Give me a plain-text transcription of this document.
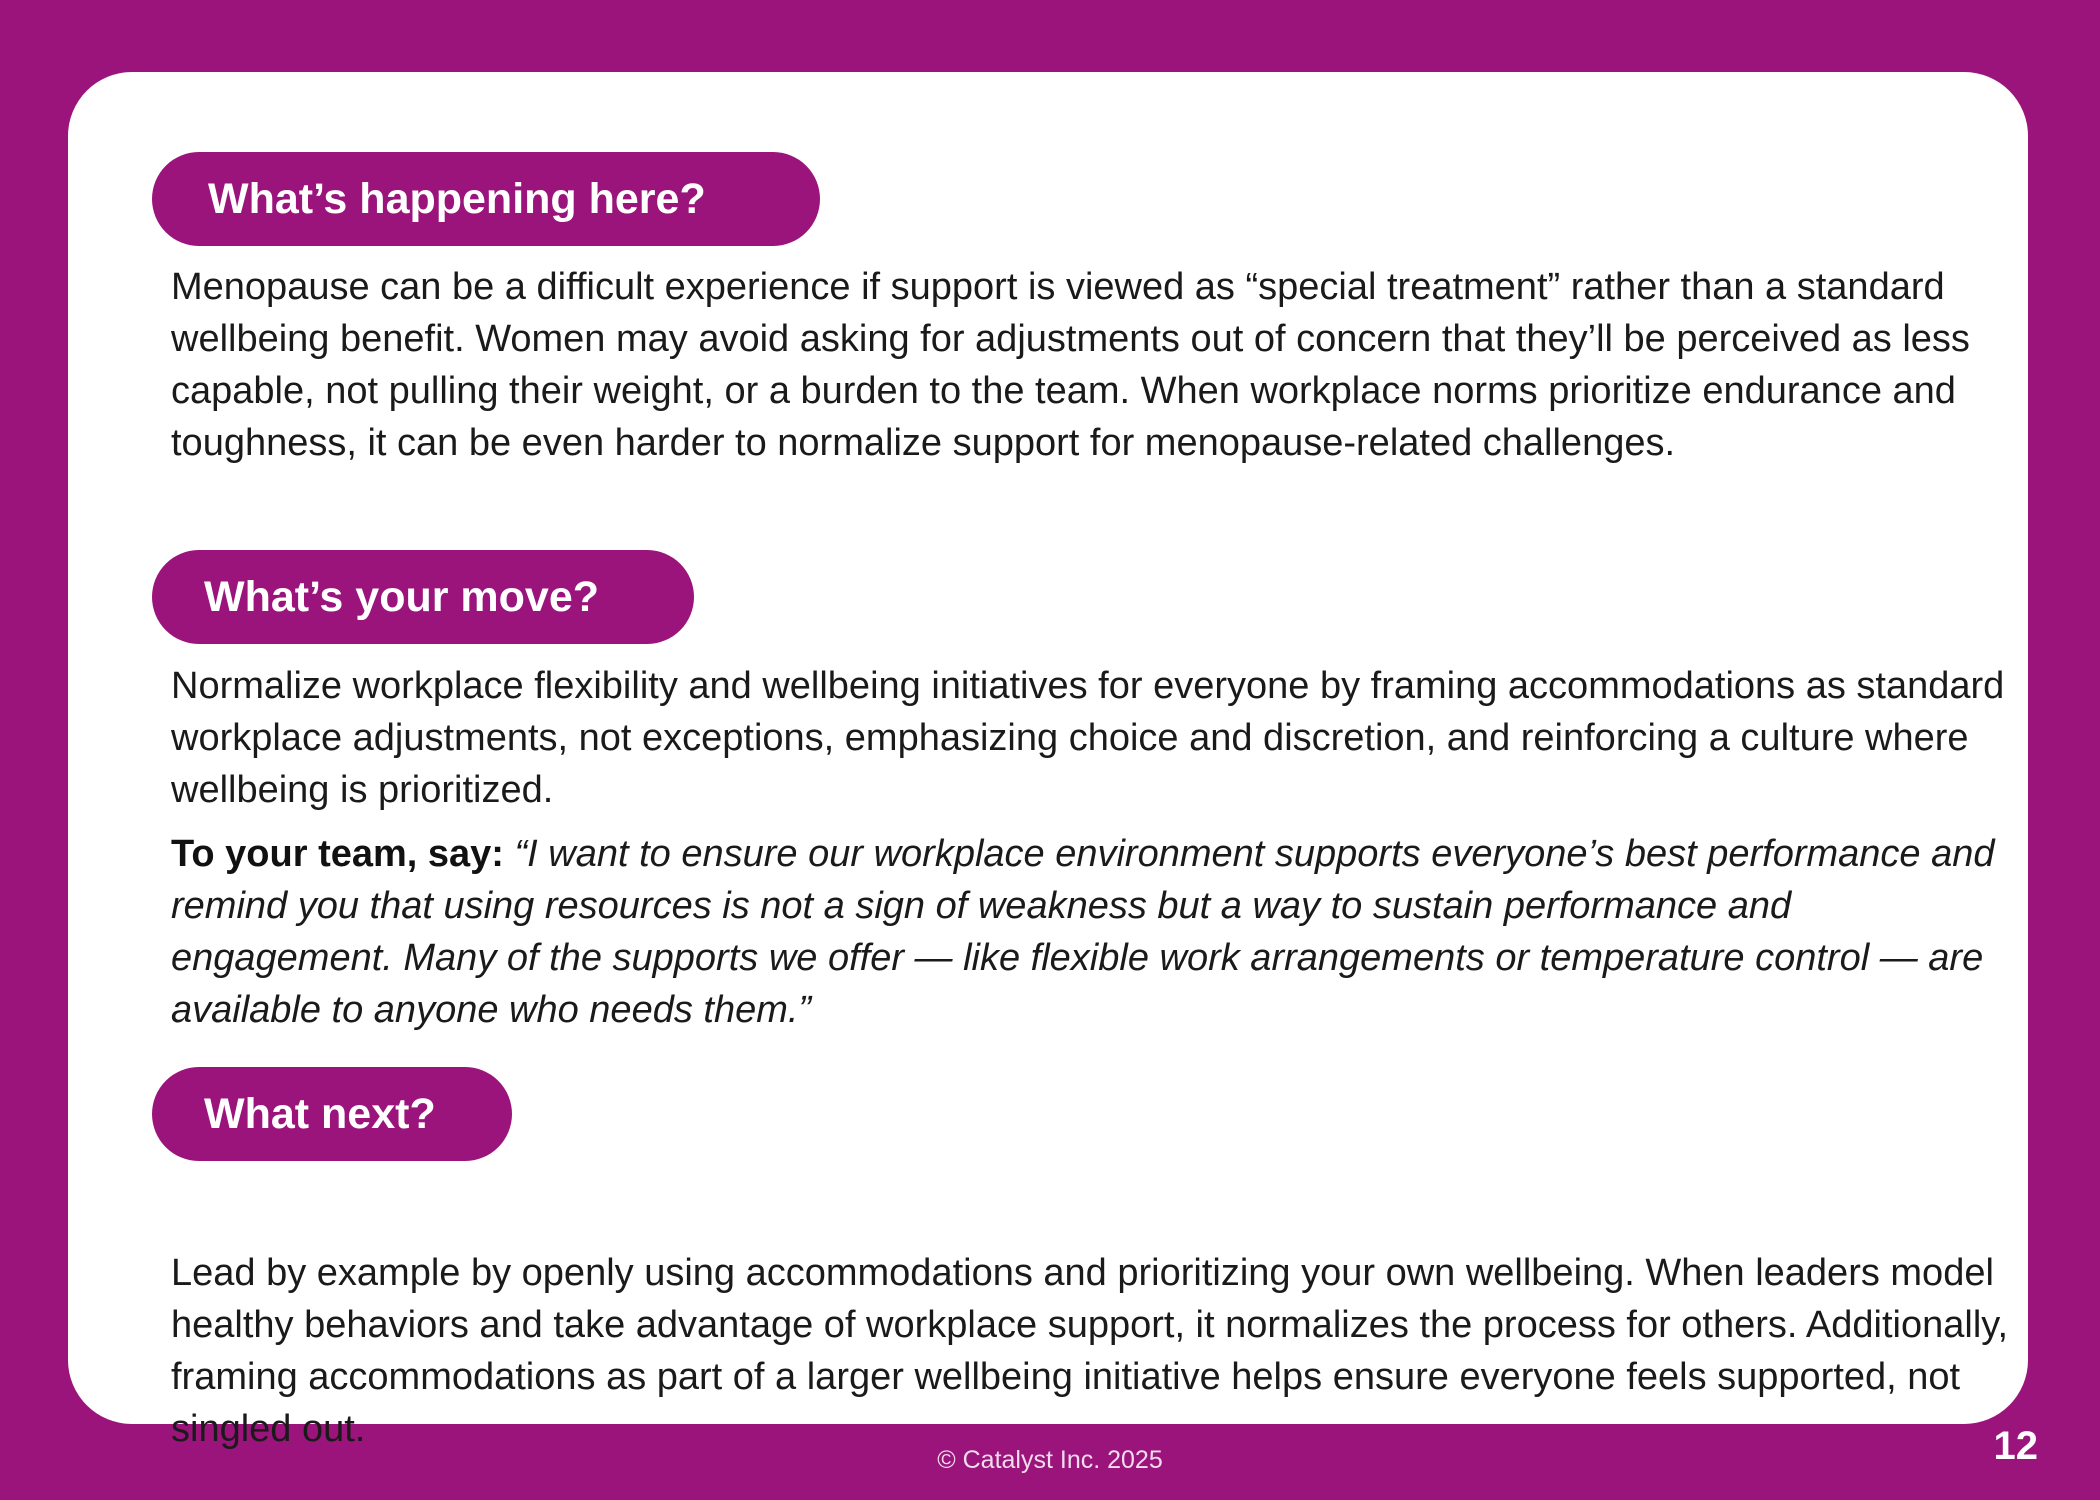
What’s happening here?

Menopause can be a difficult experience if support is viewed as “special treatment” rather than a standard wellbeing benefit. Women may avoid asking for adjustments out of concern that they’ll be perceived as less capable, not pulling their weight, or a burden to the team. When workplace norms prioritize endurance and toughness, it can be even harder to normalize support for menopause-related challenges.

What’s your move?

Normalize workplace flexibility and wellbeing initiatives for everyone by framing accommodations as standard workplace adjustments, not exceptions, emphasizing choice and discretion, and reinforcing a culture where wellbeing is prioritized.

To your team, say: “I want to ensure our workplace environment supports everyone’s best performance and remind you that using resources is not a sign of weakness but a way to sustain performance and engagement. Many of the supports we offer — like flexible work arrangements or temperature control — are available to anyone who needs them.”

What next?

Lead by example by openly using accommodations and prioritizing your own wellbeing. When leaders model healthy behaviors and take advantage of workplace support, it normalizes the process for others. Additionally, framing accommodations as part of a larger wellbeing initiative helps ensure everyone feels supported, not singled out.

© Catalyst Inc. 2025	12
